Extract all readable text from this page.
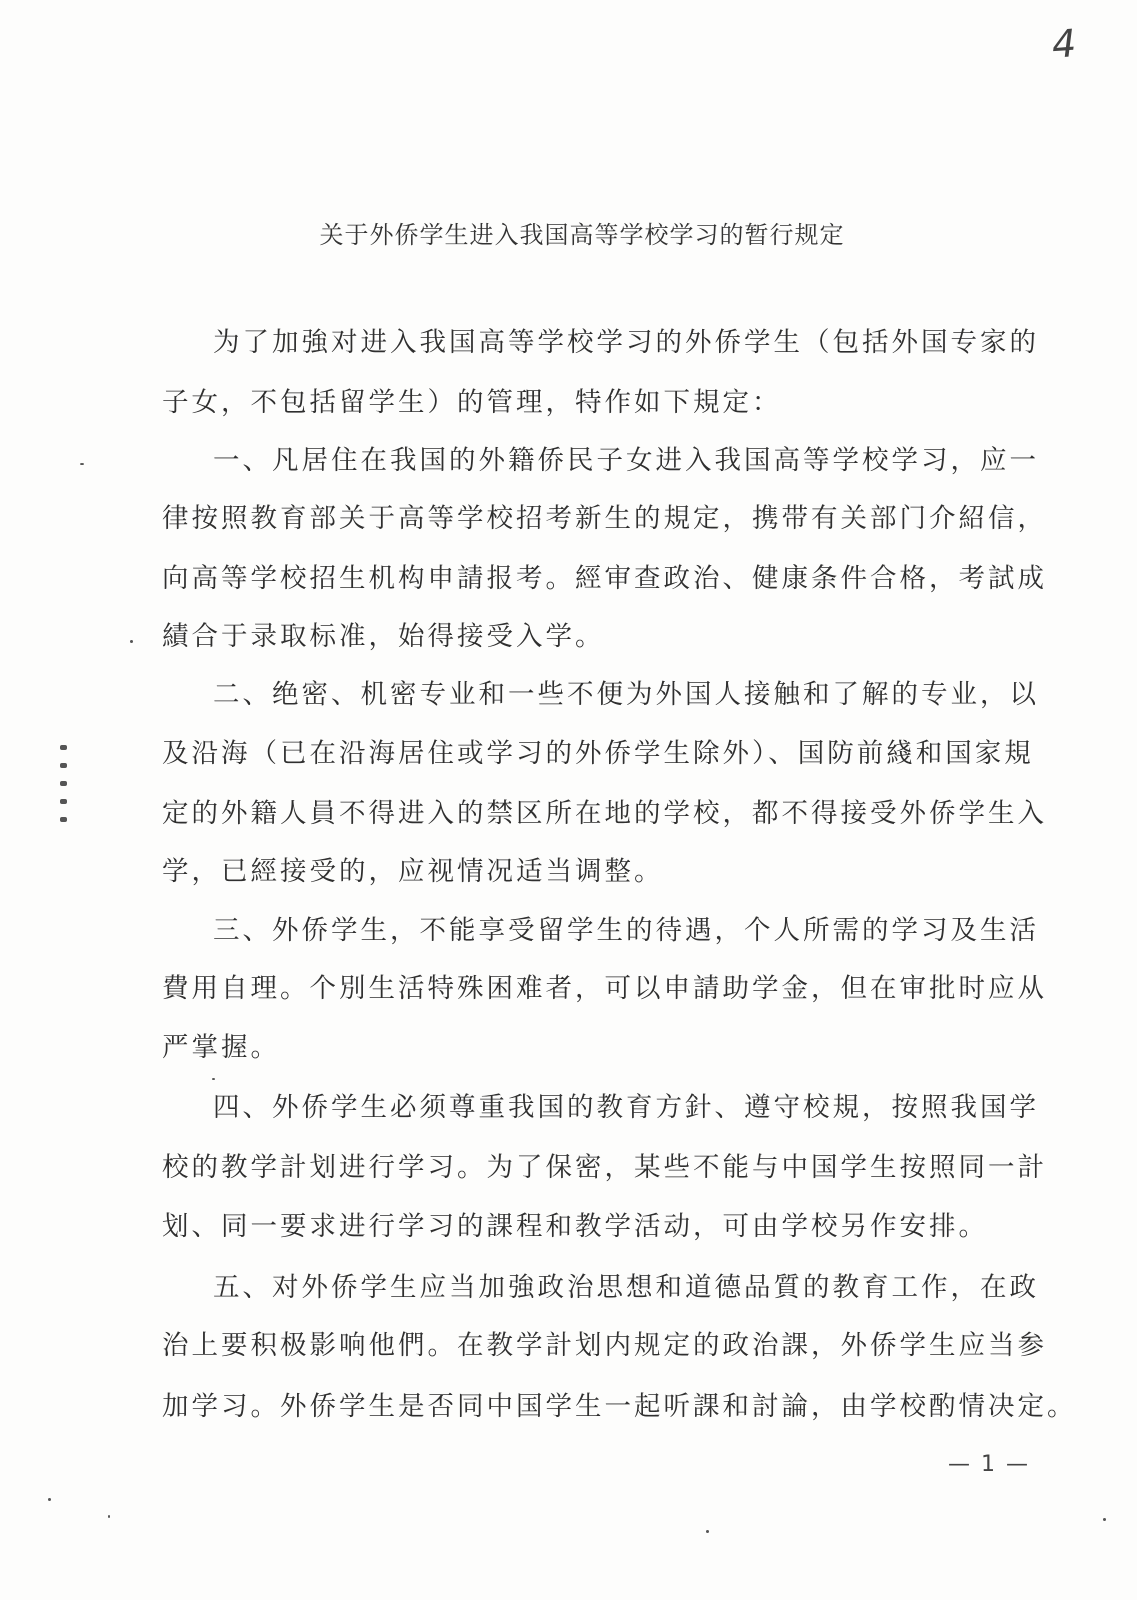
4
关于外侨学生进入我国高等学校学习的暂行规定
为了加強对进入我国高等学校学习的外侨学生（包括外国专家的
子女，不包括留学生）的管理，特作如下規定：
一、凡居住在我国的外籍侨民子女进入我国高等学校学习，应一
律按照教育部关于高等学校招考新生的規定，携带有关部门介紹信，
向高等学校招生机构申請报考。經审查政治、健康条件合格，考試成
績合于录取标准，始得接受入学。
二、绝密、机密专业和一些不便为外国人接触和了解的专业，以
及沿海（已在沿海居住或学习的外侨学生除外）、国防前綫和国家規
定的外籍人員不得进入的禁区所在地的学校，都不得接受外侨学生入
学，已經接受的，应视情况适当调整。
三、外侨学生，不能享受留学生的待遇，个人所需的学习及生活
費用自理。个別生活特殊困难者，可以申請助学金，但在审批时应从
严掌握。
四、外侨学生必须尊重我国的教育方針、遵守校規，按照我国学
校的教学計划进行学习。为了保密，某些不能与中国学生按照同一計
划、同一要求进行学习的課程和教学活动，可由学校另作安排。
五、对外侨学生应当加強政治思想和道德品質的教育工作，在政
治上要积极影响他們。在教学計划内规定的政治課，外侨学生应当参
加学习。外侨学生是否同中国学生一起听課和討論，由学校酌情决定。
— 1 —
